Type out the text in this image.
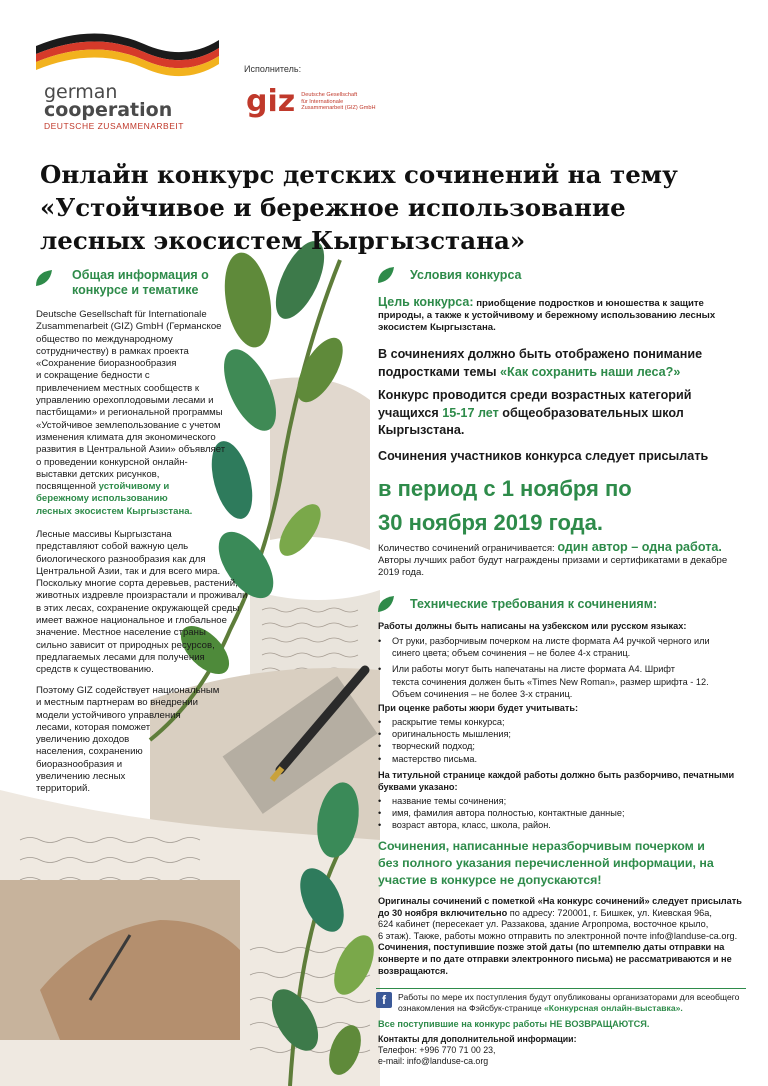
german
cooperation
DEUTSCHE ZUSAMMENARBEIT
Исполнитель:
giz Deutsche Gesellschaft
für Internationale
Zusammenarbeit (GIZ) GmbH
Онлайн конкурс детских сочинений на тему
«Устойчивое и бережное использование
лесных экосистем Кыргызстана»
Общая информация о
конкурсе и тематике
Deutsche Gesellschaft für Internationale
Zusammenarbeit (GIZ) GmbH (Германское
общество по международному
сотрудничеству) в рамках проекта
«Сохранение биоразнообразия
и сокращение бедности с
привлечением местных сообществ к
управлению орехоплодовыми лесами и
пастбищами» и региональной программы
«Устойчивое землепользование с учетом
изменения климата для экономического
развития в Центральной Азии» объявляет
о проведении конкурсной онлайн-
выставки детских рисунков,
посвященной устойчивому и
бережному использованию
лесных экосистем Кыргызстана.
Лесные массивы Кыргызстана
представляют собой важную цель
биологического разнообразия как для
Центральной Азии, так и для всего мира.
Поскольку многие сорта деревьев, растений,
животных издревле произрастали и проживали
в этих лесах, сохранение окружающей среды
имеет важное национальное и глобальное
значение. Местное население страны
сильно зависит от природных ресурсов,
предлагаемых лесами для получения
средств к существованию.
Поэтому GIZ содействует национальным
и местным партнерам во внедрении
модели устойчивого управления
лесами, которая поможет
увеличению доходов
населения, сохранению
биоразнообразия и
увеличению лесных
территорий.
Условия конкурса
Цель конкурса: приобщение подростков и юношества к защите
природы, а также к устойчивому и бережному использованию лесных
экосистем Кыргызстана.
В сочинениях должно быть отображено понимание
подростками темы «Как сохранить наши леса?»
Конкурс проводится среди возрастных категорий
учащихся 15-17 лет общеобразовательных школ
Кыргызстана.
Сочинения участников конкурса следует присылать
в период с 1 ноября по
30 ноября 2019 года.
Количество сочинений ограничивается: один автор – одна работа.
Авторы лучших работ будут награждены призами и сертификатами в декабре
2019 года.
Технические требования к сочинениям:
Работы должны быть написаны на узбекском или русском языках:
• От руки, разборчивым почерком на листе формата А4 ручкой черного или
синего цвета; объем сочинения – не более 4-х страниц.
• Или работы могут быть напечатаны на листе формата А4. Шрифт
текста сочинения должен быть «Times New Roman», размер шрифта - 12.
Объем сочинения – не более 3-х страниц.
При оценке работы жюри будет учитывать:
• раскрытие темы конкурса;
• оригинальность мышления;
• творческий подход;
• мастерство письма.
На титульной странице каждой работы должно быть разборчиво, печатными
буквами указано:
• название темы сочинения;
• имя, фамилия автора полностью, контактные данные;
• возраст автора, класс, школа, район.
Сочинения, написанные неразборчивым почерком и
без полного указания перечисленной информации, на
участие в конкурсе не допускаются!
Оригиналы сочинений с пометкой «На конкурс сочинений» следует присылать
до 30 ноября включительно по адресу: 720001, г. Бишкек, ул. Киевская 96а,
624 кабинет (пересекает ул. Раззакова, здание Агропрома, восточное крыло,
6 этаж). Также, работы можно отправить по электронной почте info@landuse-ca.org.
Сочинения, поступившие позже этой даты (по штемпелю даты отправки на
конверте и по дате отправки электронного письма) не рассматриваются и не
возвращаются.
f	Работы по мере их поступления будут опубликованы организаторами для всеобщего
ознакомления на Фэйсбук-странице «Конкурсная онлайн-выставка».
Все поступившие на конкурс работы НЕ ВОЗВРАЩАЮТСЯ.
Контакты для дополнительной информации:
Телефон: +996 770 71 00 23,
e-mail: info@landuse-ca.org
